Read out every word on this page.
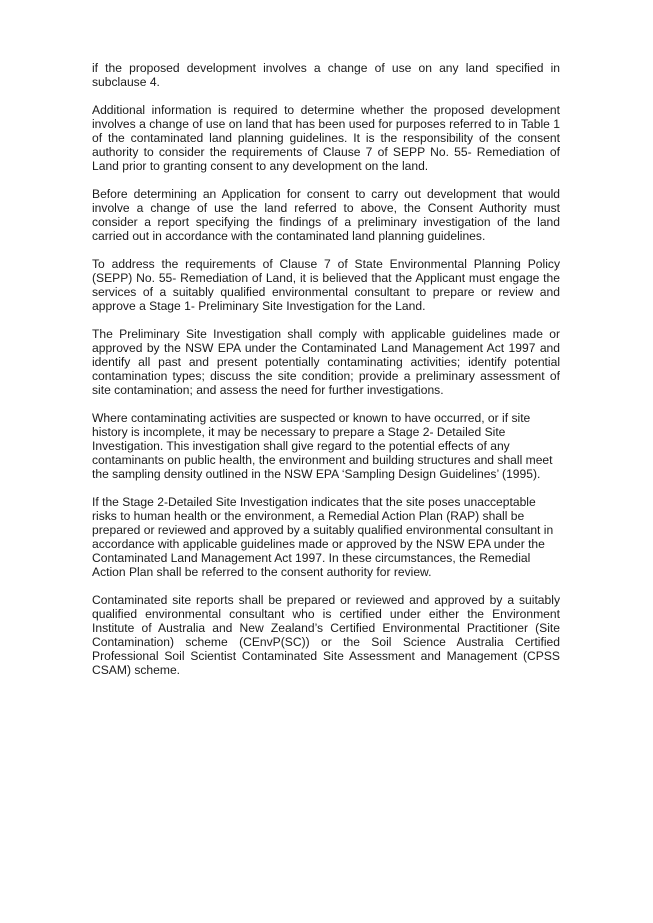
if the proposed development involves a change of use on any land specified in subclause 4.

Additional information is required to determine whether the proposed development involves a change of use on land that has been used for purposes referred to in Table 1 of the contaminated land planning guidelines. It is the responsibility of the consent authority to consider the requirements of Clause 7 of SEPP No. 55- Remediation of Land prior to granting consent to any development on the land.

Before determining an Application for consent to carry out development that would involve a change of use the land referred to above, the Consent Authority must consider a report specifying the findings of a preliminary investigation of the land carried out in accordance with the contaminated land planning guidelines.

To address the requirements of Clause 7 of State Environmental Planning Policy (SEPP) No. 55- Remediation of Land, it is believed that the Applicant must engage the services of a suitably qualified environmental consultant to prepare or review and approve a Stage 1- Preliminary Site Investigation for the Land.

The Preliminary Site Investigation shall comply with applicable guidelines made or approved by the NSW EPA under the Contaminated Land Management Act 1997 and identify all past and present potentially contaminating activities; identify potential contamination types; discuss the site condition; provide a preliminary assessment of site contamination; and assess the need for further investigations.

Where contaminating activities are suspected or known to have occurred, or if site history is incomplete, it may be necessary to prepare a Stage 2- Detailed Site Investigation. This investigation shall give regard to the potential effects of any contaminants on public health, the environment and building structures and shall meet the sampling density outlined in the NSW EPA ‘Sampling Design Guidelines’ (1995).

If the Stage 2-Detailed Site Investigation indicates that the site poses unacceptable risks to human health or the environment, a Remedial Action Plan (RAP) shall be prepared or reviewed and approved by a suitably qualified environmental consultant in accordance with applicable guidelines made or approved by the NSW EPA under the Contaminated Land Management Act 1997. In these circumstances, the Remedial Action Plan shall be referred to the consent authority for review.

Contaminated site reports shall be prepared or reviewed and approved by a suitably qualified environmental consultant who is certified under either the Environment Institute of Australia and New Zealand’s Certified Environmental Practitioner (Site Contamination) scheme (CEnvP(SC)) or the Soil Science Australia Certified Professional Soil Scientist Contaminated Site Assessment and Management (CPSS CSAM) scheme.
